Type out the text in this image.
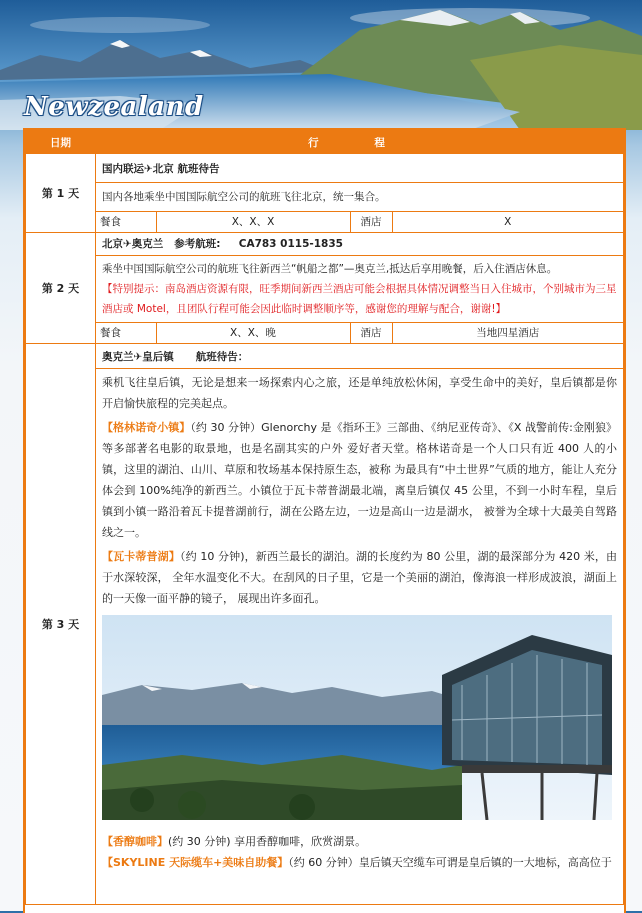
Newzealand
日期	行 程
第 1 天	
国内联运✈北京 航班待告
国内各地乘坐中国国际航空公司的航班飞往北京，统一集合。

餐食	X、X、X	酒店	X

第 2 天	
北京✈奥克兰   参考航班:     CA783 0115-1835

乘坐中国国际航空公司的航班飞往新西兰“帆船之都”—奥克兰,抵达后享用晚餐，后入住酒店休息。
【特别提示：南岛酒店资源有限，旺季期间新西兰酒店可能会根据具体情况调整当日入住城市，个别城市为三星酒店或 Motel，且团队行程可能会因此临时调整顺序等，感谢您的理解与配合，谢谢!】

餐食	X、X、晚	酒店	当地四星酒店

第 3 天	
奥克兰✈皇后镇      航班待告：
乘机飞往皇后镇，无论是想来一场探索内心之旅，还是单纯放松休闲，享受生命中的美好，皇后镇都是你开启愉快旅程的完美起点。
【格林诺奇小镇】（约 30 分钟）Glenorchy 是《指环王》三部曲、《纳尼亚传奇》、《X 战警前传:金刚狼》等多部著名电影的取景地，也是名副其实的户外 爱好者天堂。格林诺奇是一个人口只有近 400 人的小镇，这里的湖泊、山川、草原和牧场基本保持原生态，被称 为最具有“中土世界”气质的地方，能让人充分体会到 100%纯净的新西兰。小镇位于瓦卡蒂普湖最北端，离皇后镇仅 45 公里，不到一小时车程，皇后镇到小镇一路沿着瓦卡提普湖前行，湖在公路左边，一边是高山一边是湖水， 被誉为全球十大最美自驾路线之一。
【瓦卡蒂普湖】（约 10 分钟)，新西兰最长的湖泊。湖的长度约为 80 公里，湖的最深部分为 420 米，由于水深较深， 全年水温变化不大。在刮风的日子里，它是一个美丽的湖泊，像海浪一样形成波浪，湖面上的一天像一面平静的镜子， 展现出许多面孔。
【香醇咖啡】(约 30 分钟) 享用香醇咖啡，欣赏湖景。
【SKYLINE 天际缆车+美味自助餐】（约 60 分钟）皇后镇天空缆车可谓是皇后镇的一大地标，高高位于
